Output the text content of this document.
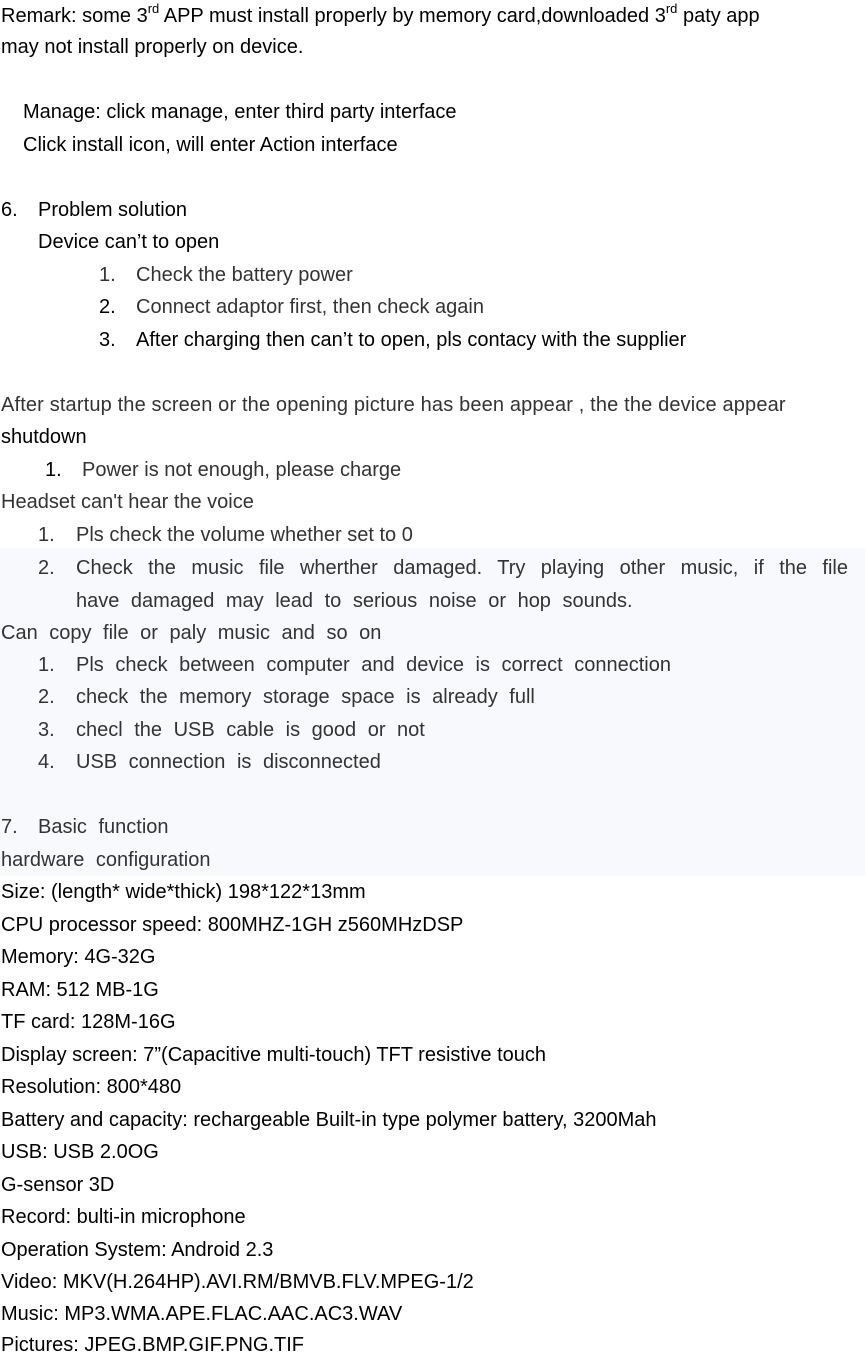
Remark: some 3rd APP must install properly by memory card,downloaded 3rd paty app
may not install properly on device.
Manage: click manage, enter third party interface
Click install icon, will enter Action interface
6. Problem solution
Device can’t to open
1. Check the battery power
2. Connect adaptor first, then check again
3. After charging then can’t to open, pls contacy with the supplier
After startup the screen or the opening picture has been appear , the the device appear
shutdown
1. Power is not enough, please charge
Headset can't hear the voice
1. Pls check the volume whether set to 0
2. Check the music file wherther damaged. Try playing other music, if the file
have damaged may lead to serious noise or hop sounds.
Can copy file or paly music and so on
1. Pls check between computer and device is correct connection
2. check the memory storage space is already full
3. checl the USB cable is good or not
4. USB connection is disconnected
7. Basic function
hardware configuration
Size: (length* wide*thick) 198*122*13mm
CPU processor speed: 800MHZ-1GH z560MHzDSP
Memory: 4G-32G
RAM: 512 MB-1G
TF card: 128M-16G
Display screen: 7”(Capacitive multi-touch) TFT resistive touch
Resolution: 800*480
Battery and capacity: rechargeable Built-in type polymer battery, 3200Mah
USB: USB 2.0OG
G-sensor 3D
Record: bulti-in microphone
Operation System: Android 2.3
Video: MKV(H.264HP).AVI.RM/BMVB.FLV.MPEG-1/2
Music: MP3.WMA.APE.FLAC.AAC.AC3.WAV
Pictures: JPEG.BMP.GIF.PNG.TIF
